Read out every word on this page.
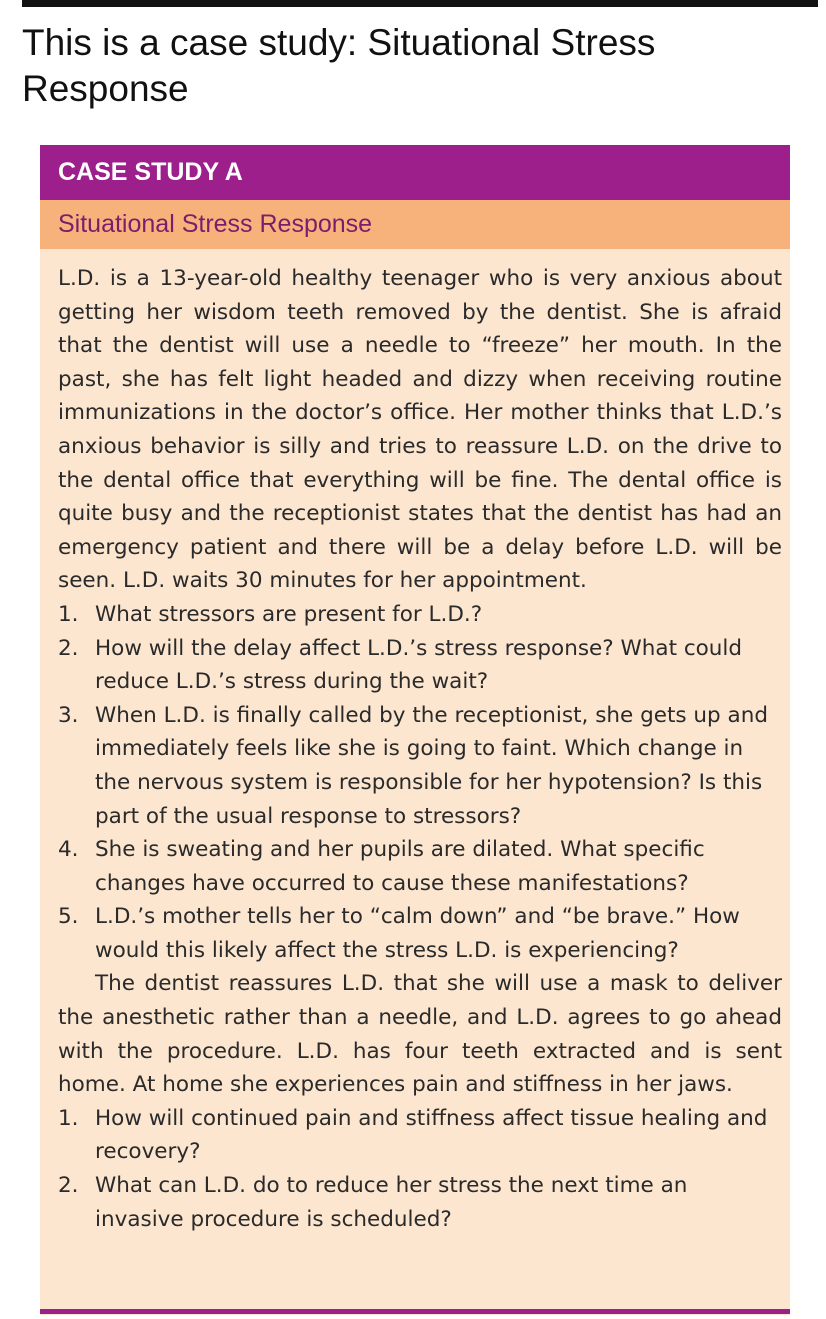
This is a case study: Situational Stress Response
CASE STUDY A
Situational Stress Response

L.D. is a 13-year-old healthy teenager who is very anxious about getting her wisdom teeth removed by the dentist. She is afraid that the dentist will use a needle to “freeze” her mouth. In the past, she has felt light headed and dizzy when receiving routine immunizations in the doctor’s office. Her mother thinks that L.D.’s anxious behavior is silly and tries to reassure L.D. on the drive to the dental office that everything will be fine. The dental office is quite busy and the receptionist states that the dentist has had an emergency patient and there will be a delay before L.D. will be seen. L.D. waits 30 minutes for her appointment.

1. What stressors are present for L.D.?
2. How will the delay affect L.D.’s stress response? What could reduce L.D.’s stress during the wait?
3. When L.D. is finally called by the receptionist, she gets up and immediately feels like she is going to faint. Which change in the nervous system is responsible for her hypotension? Is this part of the usual response to stressors?
4. She is sweating and her pupils are dilated. What specific changes have occurred to cause these manifestations?
5. L.D.’s mother tells her to “calm down” and “be brave.” How would this likely affect the stress L.D. is experiencing?

The dentist reassures L.D. that she will use a mask to deliver the anesthetic rather than a needle, and L.D. agrees to go ahead with the procedure. L.D. has four teeth extracted and is sent home. At home she experiences pain and stiffness in her jaws.

1. How will continued pain and stiffness affect tissue healing and recovery?
2. What can L.D. do to reduce her stress the next time an invasive procedure is scheduled?
